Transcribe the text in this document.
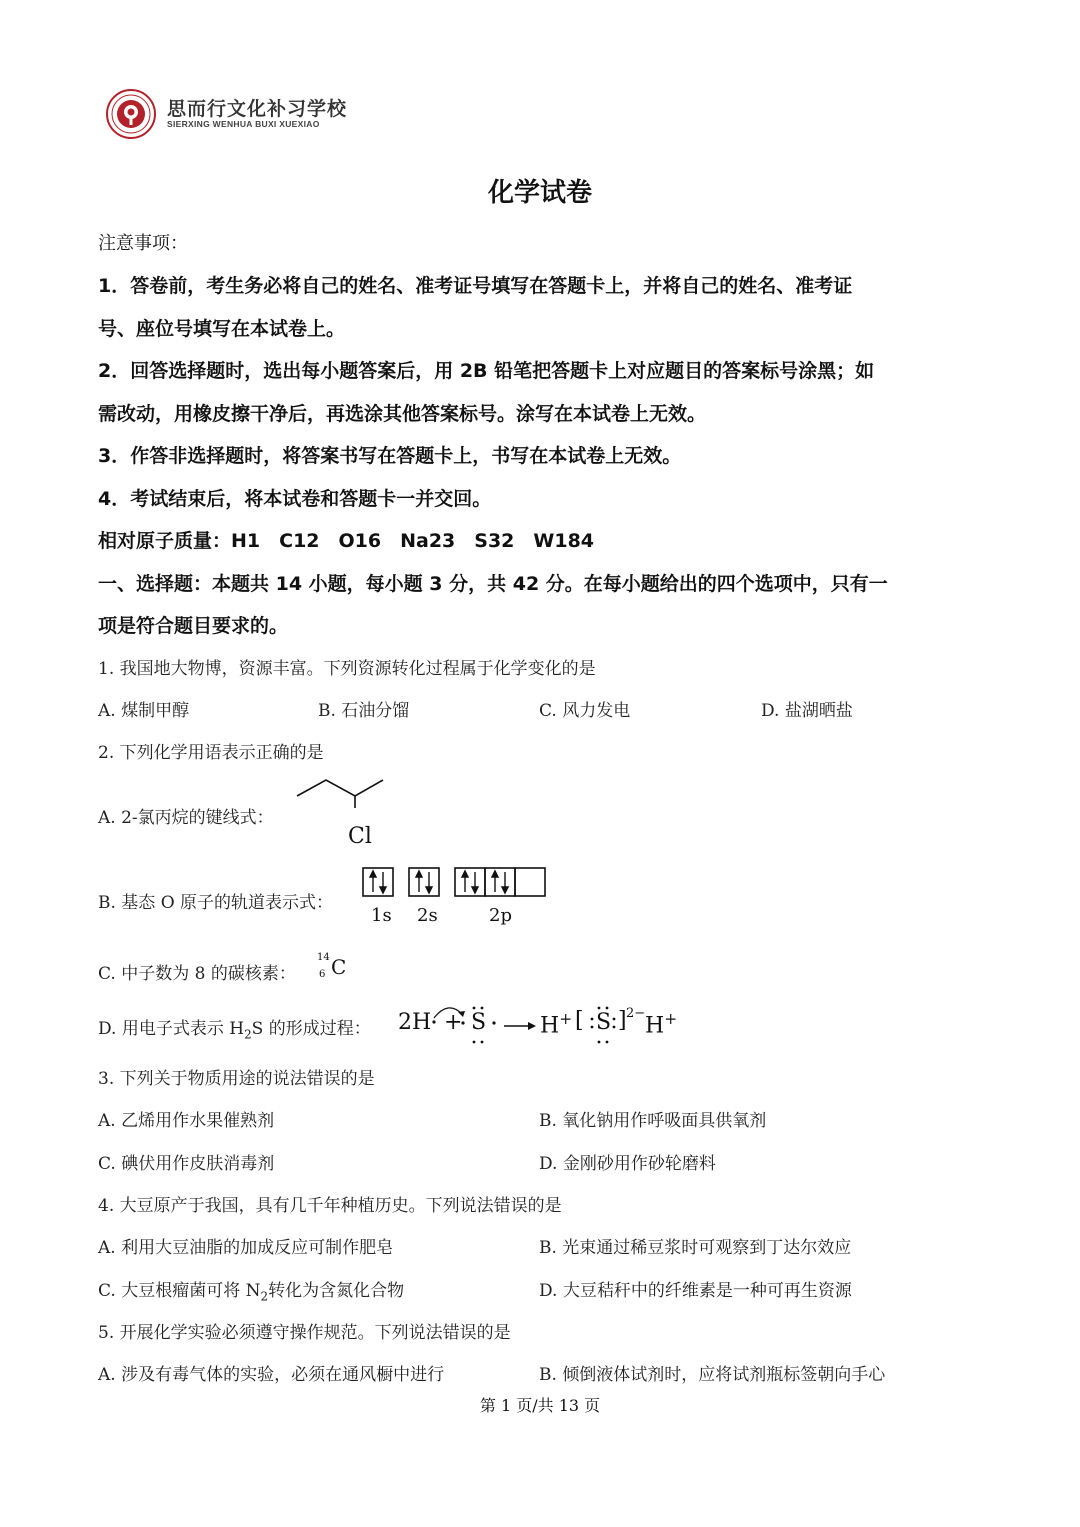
思而行文化补习学校
SIERXING WENHUA BUXI XUEXIAO
化学试卷
注意事项：
1．答卷前，考生务必将自己的姓名、准考证号填写在答题卡上，并将自己的姓名、准考证
号、座位号填写在本试卷上。
2．回答选择题时，选出每小题答案后，用 2B 铅笔把答题卡上对应题目的答案标号涂黑；如
需改动，用橡皮擦干净后，再选涂其他答案标号。涂写在本试卷上无效。
3．作答非选择题时，将答案书写在答题卡上，书写在本试卷上无效。
4．考试结束后，将本试卷和答题卡一并交回。
相对原子质量：H1　C12　O16　Na23　S32　W184
一、选择题：本题共 14 小题，每小题 3 分，共 42 分。在每小题给出的四个选项中，只有一
项是符合题目要求的。
1. 我国地大物博，资源丰富。下列资源转化过程属于化学变化的是
A. 煤制甲醇	B. 石油分馏	C. 风力发电	D. 盐湖晒盐
2. 下列化学用语表示正确的是
A. 2-氯丙烷的键线式：
Cl
B. 基态 O 原子的轨道表示式：
1s 2s	2p
C. 中子数为 8 的碳核素：
14
6 C
D. 用电子式表示 $H_2S$ 的形成过程： 2H + S H+ [ S ] 2− H+
3. 下列关于物质用途的说法错误的是
A. 乙烯用作水果催熟剂	B. 氧化钠用作呼吸面具供氧剂
C. 碘伏用作皮肤消毒剂	D. 金刚砂用作砂轮磨料
4. 大豆原产于我国，具有几千年种植历史。下列说法错误的是
A. 利用大豆油脂的加成反应可制作肥皂	B. 光束通过稀豆浆时可观察到丁达尔效应
C. 大豆根瘤菌可将 $N_2$转化为含氮化合物	D. 大豆秸秆中的纤维素是一种可再生资源
5. 开展化学实验必须遵守操作规范。下列说法错误的是
A. 涉及有毒气体的实验，必须在通风橱中进行	B. 倾倒液体试剂时，应将试剂瓶标签朝向手心
第 1 页/共 13 页
